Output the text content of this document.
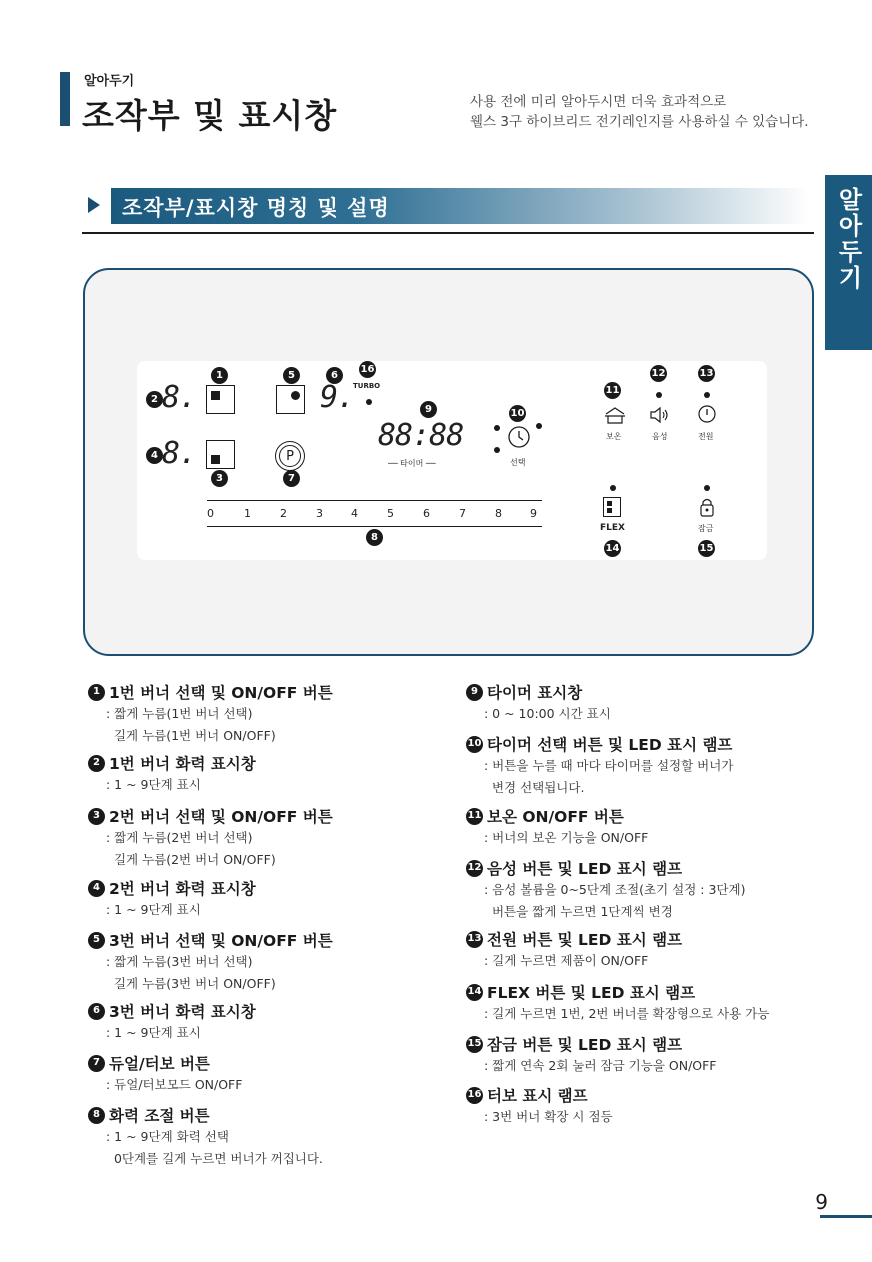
알아두기
조작부 및 표시창	사용 전에 미리 알아두시면 더욱 효과적으로
웰스 3구 하이브리드 전기레인지를 사용하실 수 있습니다.
알아두기
조작부/표시창 명칭 및 설명
2 8.
4 8.
1
3
5
P
7
6
9.
16
TURBO
9
88:88
── 타이머 ──
10
선택
11
보온
12
음성
13
전원
FLEX
14
잠금
15
0	1	2	3	4	5	6	7	8	9
8
1 1번 버너 선택 및 ON/OFF 버튼
: 짧게 누름(1번 버너 선택)
길게 누름(1번 버너 ON/OFF)
2 1번 버너 화력 표시창
: 1 ~ 9단계 표시
3 2번 버너 선택 및 ON/OFF 버튼
: 짧게 누름(2번 버너 선택)
길게 누름(2번 버너 ON/OFF)
4 2번 버너 화력 표시창
: 1 ~ 9단계 표시
5 3번 버너 선택 및 ON/OFF 버튼
: 짧게 누름(3번 버너 선택)
길게 누름(3번 버너 ON/OFF)
6 3번 버너 화력 표시창
: 1 ~ 9단계 표시
7 듀얼/터보 버튼
: 듀얼/터보모드 ON/OFF
8 화력 조절 버튼
: 1 ~ 9단계 화력 선택
0단계를 길게 누르면 버너가 꺼집니다.
9 타이머 표시창
: 0 ~ 10:00 시간 표시
10 타이머 선택 버튼 및 LED 표시 램프
: 버튼을 누를 때 마다 타이머를 설정할 버너가
변경 선택됩니다.
11 보온 ON/OFF 버튼
: 버너의 보온 기능을 ON/OFF
12 음성 버튼 및 LED 표시 램프
: 음성 볼륨을 0~5단계 조절(초기 설정 : 3단계)
버튼을 짧게 누르면 1단계씩 변경
13 전원 버튼 및 LED 표시 램프
: 길게 누르면 제품이 ON/OFF
14 FLEX 버튼 및 LED 표시 램프
: 길게 누르면 1번, 2번 버너를 확장형으로 사용 가능
15 잠금 버튼 및 LED 표시 램프
: 짧게 연속 2회 눌러 잠금 기능을 ON/OFF
16 터보 표시 램프
: 3번 버너 확장 시 점등
9
